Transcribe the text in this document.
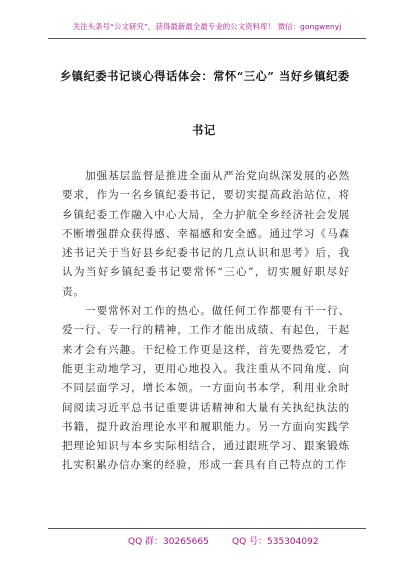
关注头条号“公文研究”，获得最新最全最专业的公文资料库！ 微信：gongwenyj
乡镇纪委书记谈心得话体会：常怀“三心” 当好乡镇纪委
书记

加强基层监督是推进全面从严治党向纵深发展的必然要求，作为一名乡镇纪委书记，要切实提高政治站位，将乡镇纪委工作融入中心大局，全力护航全乡经济社会发展不断增强群众获得感、幸福感和安全感。通过学习《马森述书记关于当好县乡纪委书记的几点认识和思考》后，我认为当好乡镇纪委书记要常怀“三心”，切实履好职尽好责。

一要常怀对工作的热心。做任何工作都要有干一行、爱一行、专一行的精神，工作才能出成绩、有起色，干起来才会有兴趣。干纪检工作更是这样，首先要热爱它，才能更主动地学习，更用心地投入。我注重从不同角度、向不同层面学习，增长本领。一方面向书本学，利用业余时间阅读习近平总书记重要讲话精神和大量有关执纪执法的书籍，提升政治理论水平和履职能力。另一方面向实践学把理论知识与本乡实际相结合，通过跟班学习、跟案锻炼扎实积累办信办案的经验，形成一套具有自己特点的工作

QQ 群：30265665	QQ 号：535304092
